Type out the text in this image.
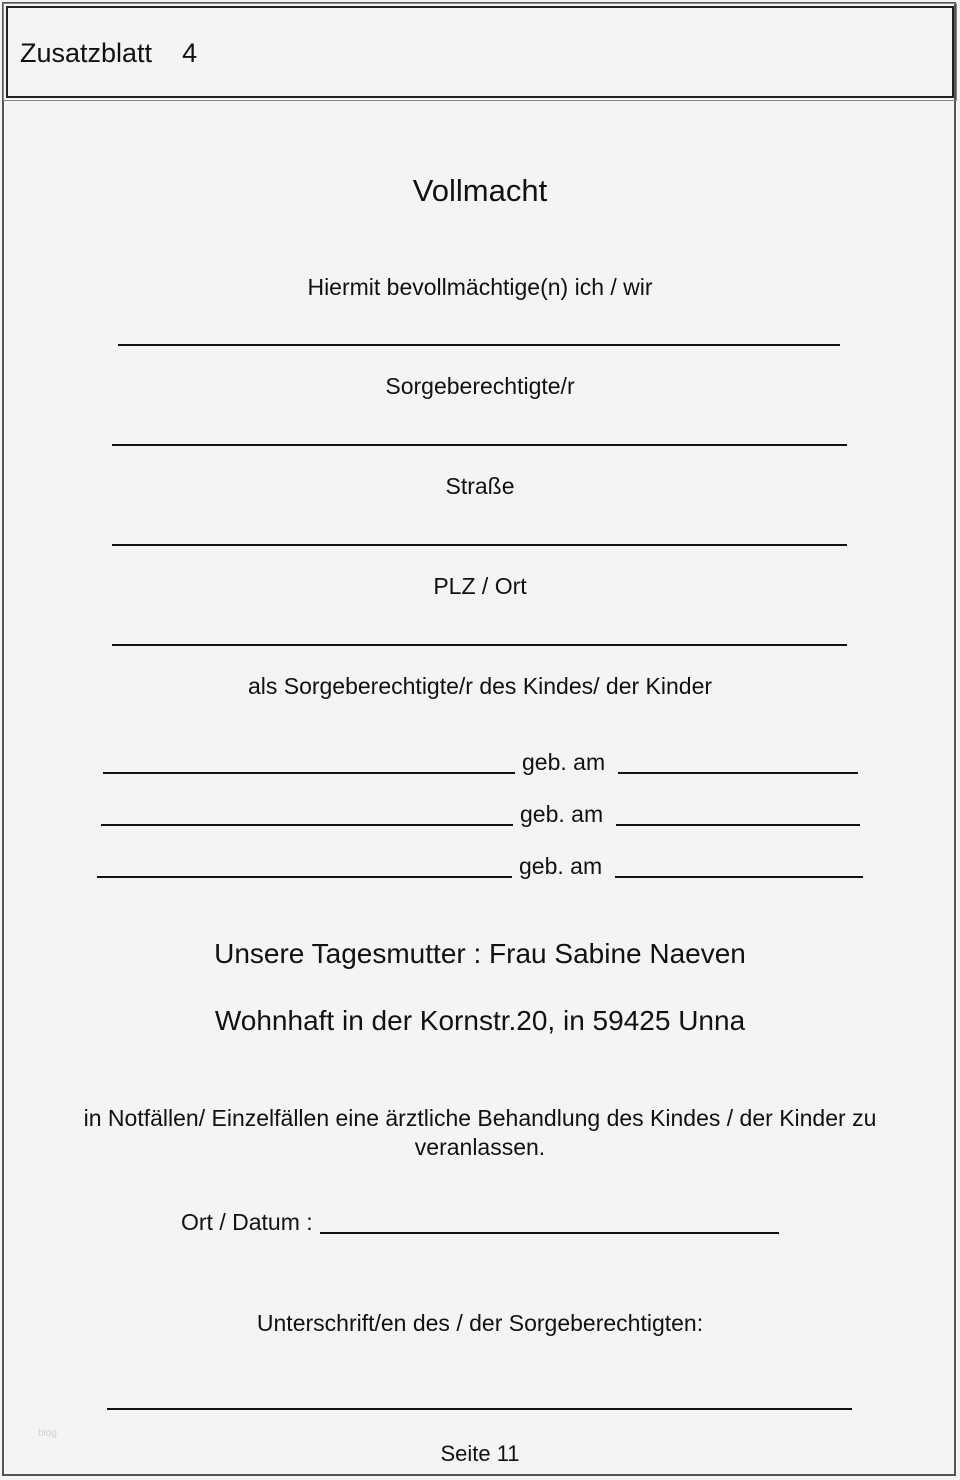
Zusatzblatt    4
Vollmacht
Hiermit bevollmächtige(n) ich / wir
Sorgeberechtigte/r
Straße
PLZ / Ort
als Sorgeberechtigte/r des Kindes/ der Kinder
geb. am
geb. am
geb. am
Unsere Tagesmutter : Frau Sabine Naeven
Wohnhaft in der Kornstr.20, in 59425 Unna
in Notfällen/ Einzelfällen eine ärztliche Behandlung des Kindes / der Kinder zu veranlassen.
Ort / Datum :
Unterschrift/en des / der Sorgeberechtigten:
blog
Seite 11
